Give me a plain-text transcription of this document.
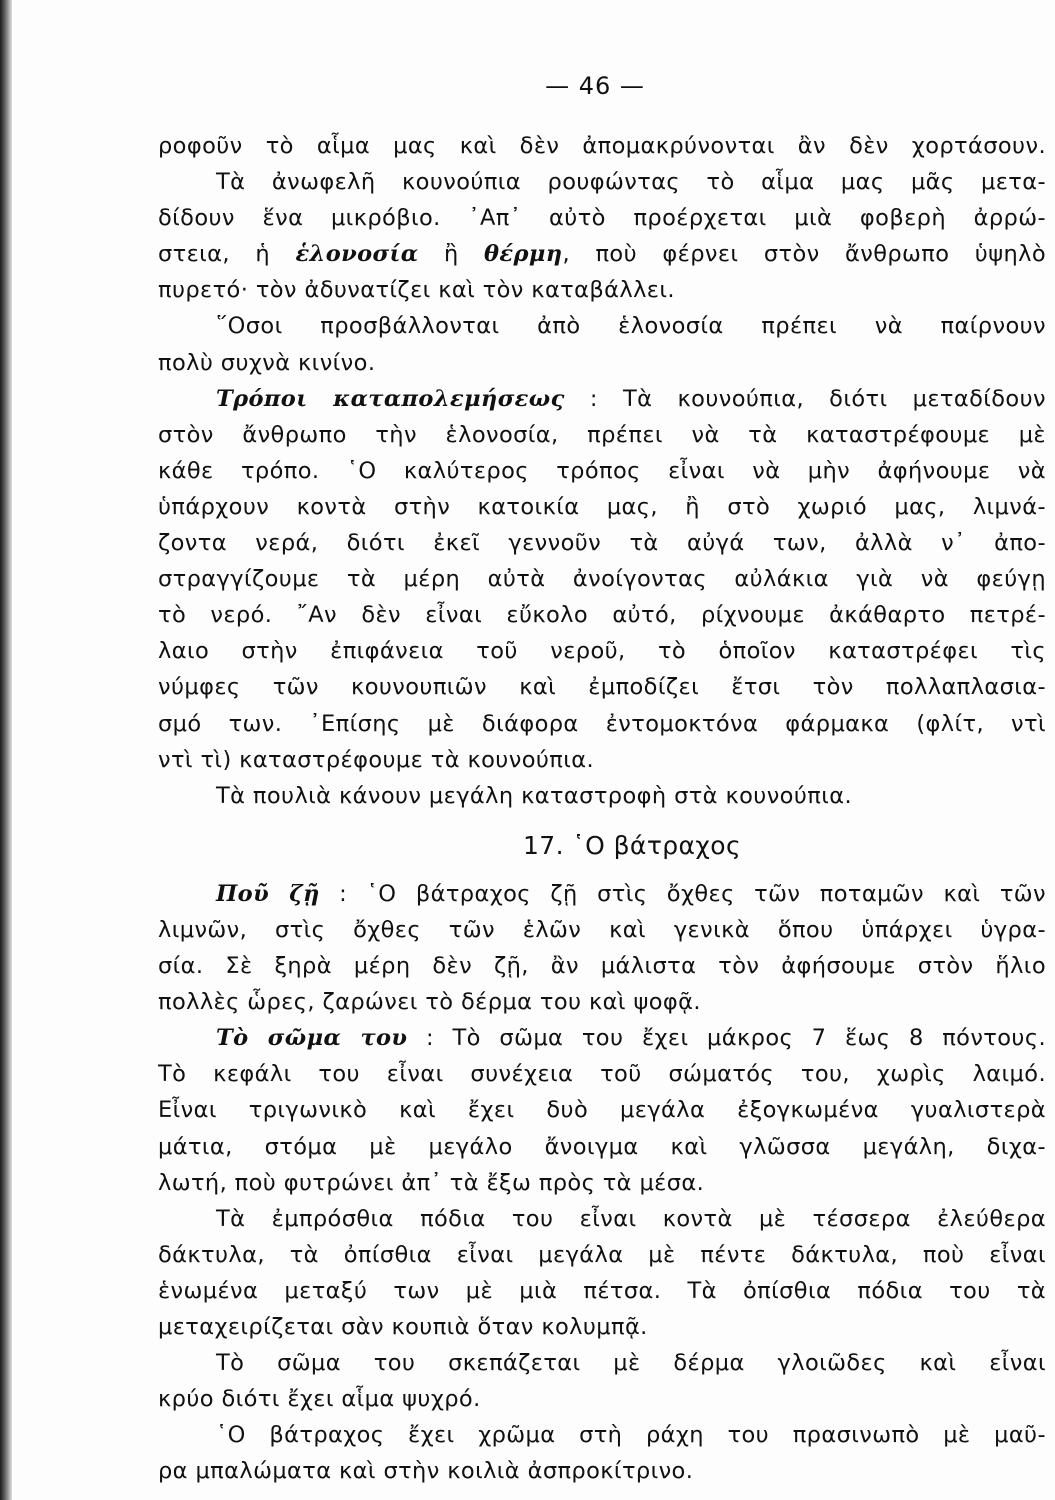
— 46 —
ροφοῦν τὸ αἷμα μας καὶ δὲν ἀπομακρύνονται ἂν δὲν χορτάσουν.
Τὰ ἀνωφελῆ κουνούπια ρουφώντας τὸ αἷμα μας μᾶς μετα-
δίδουν ἕνα μικρόβιο. ᾿Απ᾿ αὐτὸ προέρχεται μιὰ φοβερὴ ἀρρώ-
στεια, ἡ ἑλονοσία ἢ θέρμη, ποὺ φέρνει στὸν ἄνθρωπο ὑψηλὸ
πυρετό· τὸν ἀδυνατίζει καὶ τὸν καταβάλλει.
῞Οσοι προσβάλλονται ἀπὸ ἑλονοσία πρέπει νὰ παίρνουν
πολὺ συχνὰ κινίνο.
Τρόποι καταπολεμήσεως : Τὰ κουνούπια, διότι μεταδίδουν
στὸν ἄνθρωπο τὴν ἑλονοσία, πρέπει νὰ τὰ καταστρέφουμε μὲ
κάθε τρόπο. ῾Ο καλύτερος τρόπος εἶναι νὰ μὴν ἀφήνουμε νὰ
ὑπάρχουν κοντὰ στὴν κατοικία μας, ἢ στὸ χωριό μας, λιμνά-
ζοντα νερά, διότι ἐκεῖ γεννοῦν τὰ αὐγά των, ἀλλὰ ν᾿ ἀπο-
στραγγίζουμε τὰ μέρη αὐτὰ ἀνοίγοντας αὐλάκια γιὰ νὰ φεύγῃ
τὸ νερό. ῎Αν δὲν εἶναι εὔκολο αὐτό, ρίχνουμε ἀκάθαρτο πετρέ-
λαιο στὴν ἐπιφάνεια τοῦ νεροῦ, τὸ ὁποῖον καταστρέφει τὶς
νύμφες τῶν κουνουπιῶν καὶ ἐμποδίζει ἔτσι τὸν πολλαπλασια-
σμό των. ᾿Επίσης μὲ διάφορα ἐντομοκτόνα φάρμακα (φλίτ, ντὶ
ντὶ τὶ) καταστρέφουμε τὰ κουνούπια.
Τὰ πουλιὰ κάνουν μεγάλη καταστροφὴ στὰ κουνούπια.
17. ῾Ο βάτραχος
Ποῦ ζῇ : ῾Ο βάτραχος ζῇ στὶς ὄχθες τῶν ποταμῶν καὶ τῶν
λιμνῶν, στὶς ὄχθες τῶν ἑλῶν καὶ γενικὰ ὅπου ὑπάρχει ὑγρα-
σία. Σὲ ξηρὰ μέρη δὲν ζῇ, ἂν μάλιστα τὸν ἀφήσουμε στὸν ἥλιο
πολλὲς ὧρες, ζαρώνει τὸ δέρμα του καὶ ψοφᾷ.
Τὸ σῶμα του : Τὸ σῶμα του ἔχει μάκρος 7 ἕως 8 πόντους.
Τὸ κεφάλι του εἶναι συνέχεια τοῦ σώματός του, χωρὶς λαιμό.
Εἶναι τριγωνικὸ καὶ ἔχει δυὸ μεγάλα ἐξογκωμένα γυαλιστερὰ
μάτια, στόμα μὲ μεγάλο ἄνοιγμα καὶ γλῶσσα μεγάλη, διχα-
λωτή, ποὺ φυτρώνει ἀπ᾿ τὰ ἔξω πρὸς τὰ μέσα.
Τὰ ἐμπρόσθια πόδια του εἶναι κοντὰ μὲ τέσσερα ἐλεύθερα
δάκτυλα, τὰ ὀπίσθια εἶναι μεγάλα μὲ πέντε δάκτυλα, ποὺ εἶναι
ἑνωμένα μεταξύ των μὲ μιὰ πέτσα. Τὰ ὀπίσθια πόδια του τὰ
μεταχειρίζεται σὰν κουπιὰ ὅταν κολυμπᾷ.
Τὸ σῶμα του σκεπάζεται μὲ δέρμα γλοιῶδες καὶ εἶναι
κρύο διότι ἔχει αἷμα ψυχρό.
῾Ο βάτραχος ἔχει χρῶμα στὴ ράχη του πρασινωπὸ μὲ μαῦ-
ρα μπαλώματα καὶ στὴν κοιλιὰ ἀσπροκίτρινο.
